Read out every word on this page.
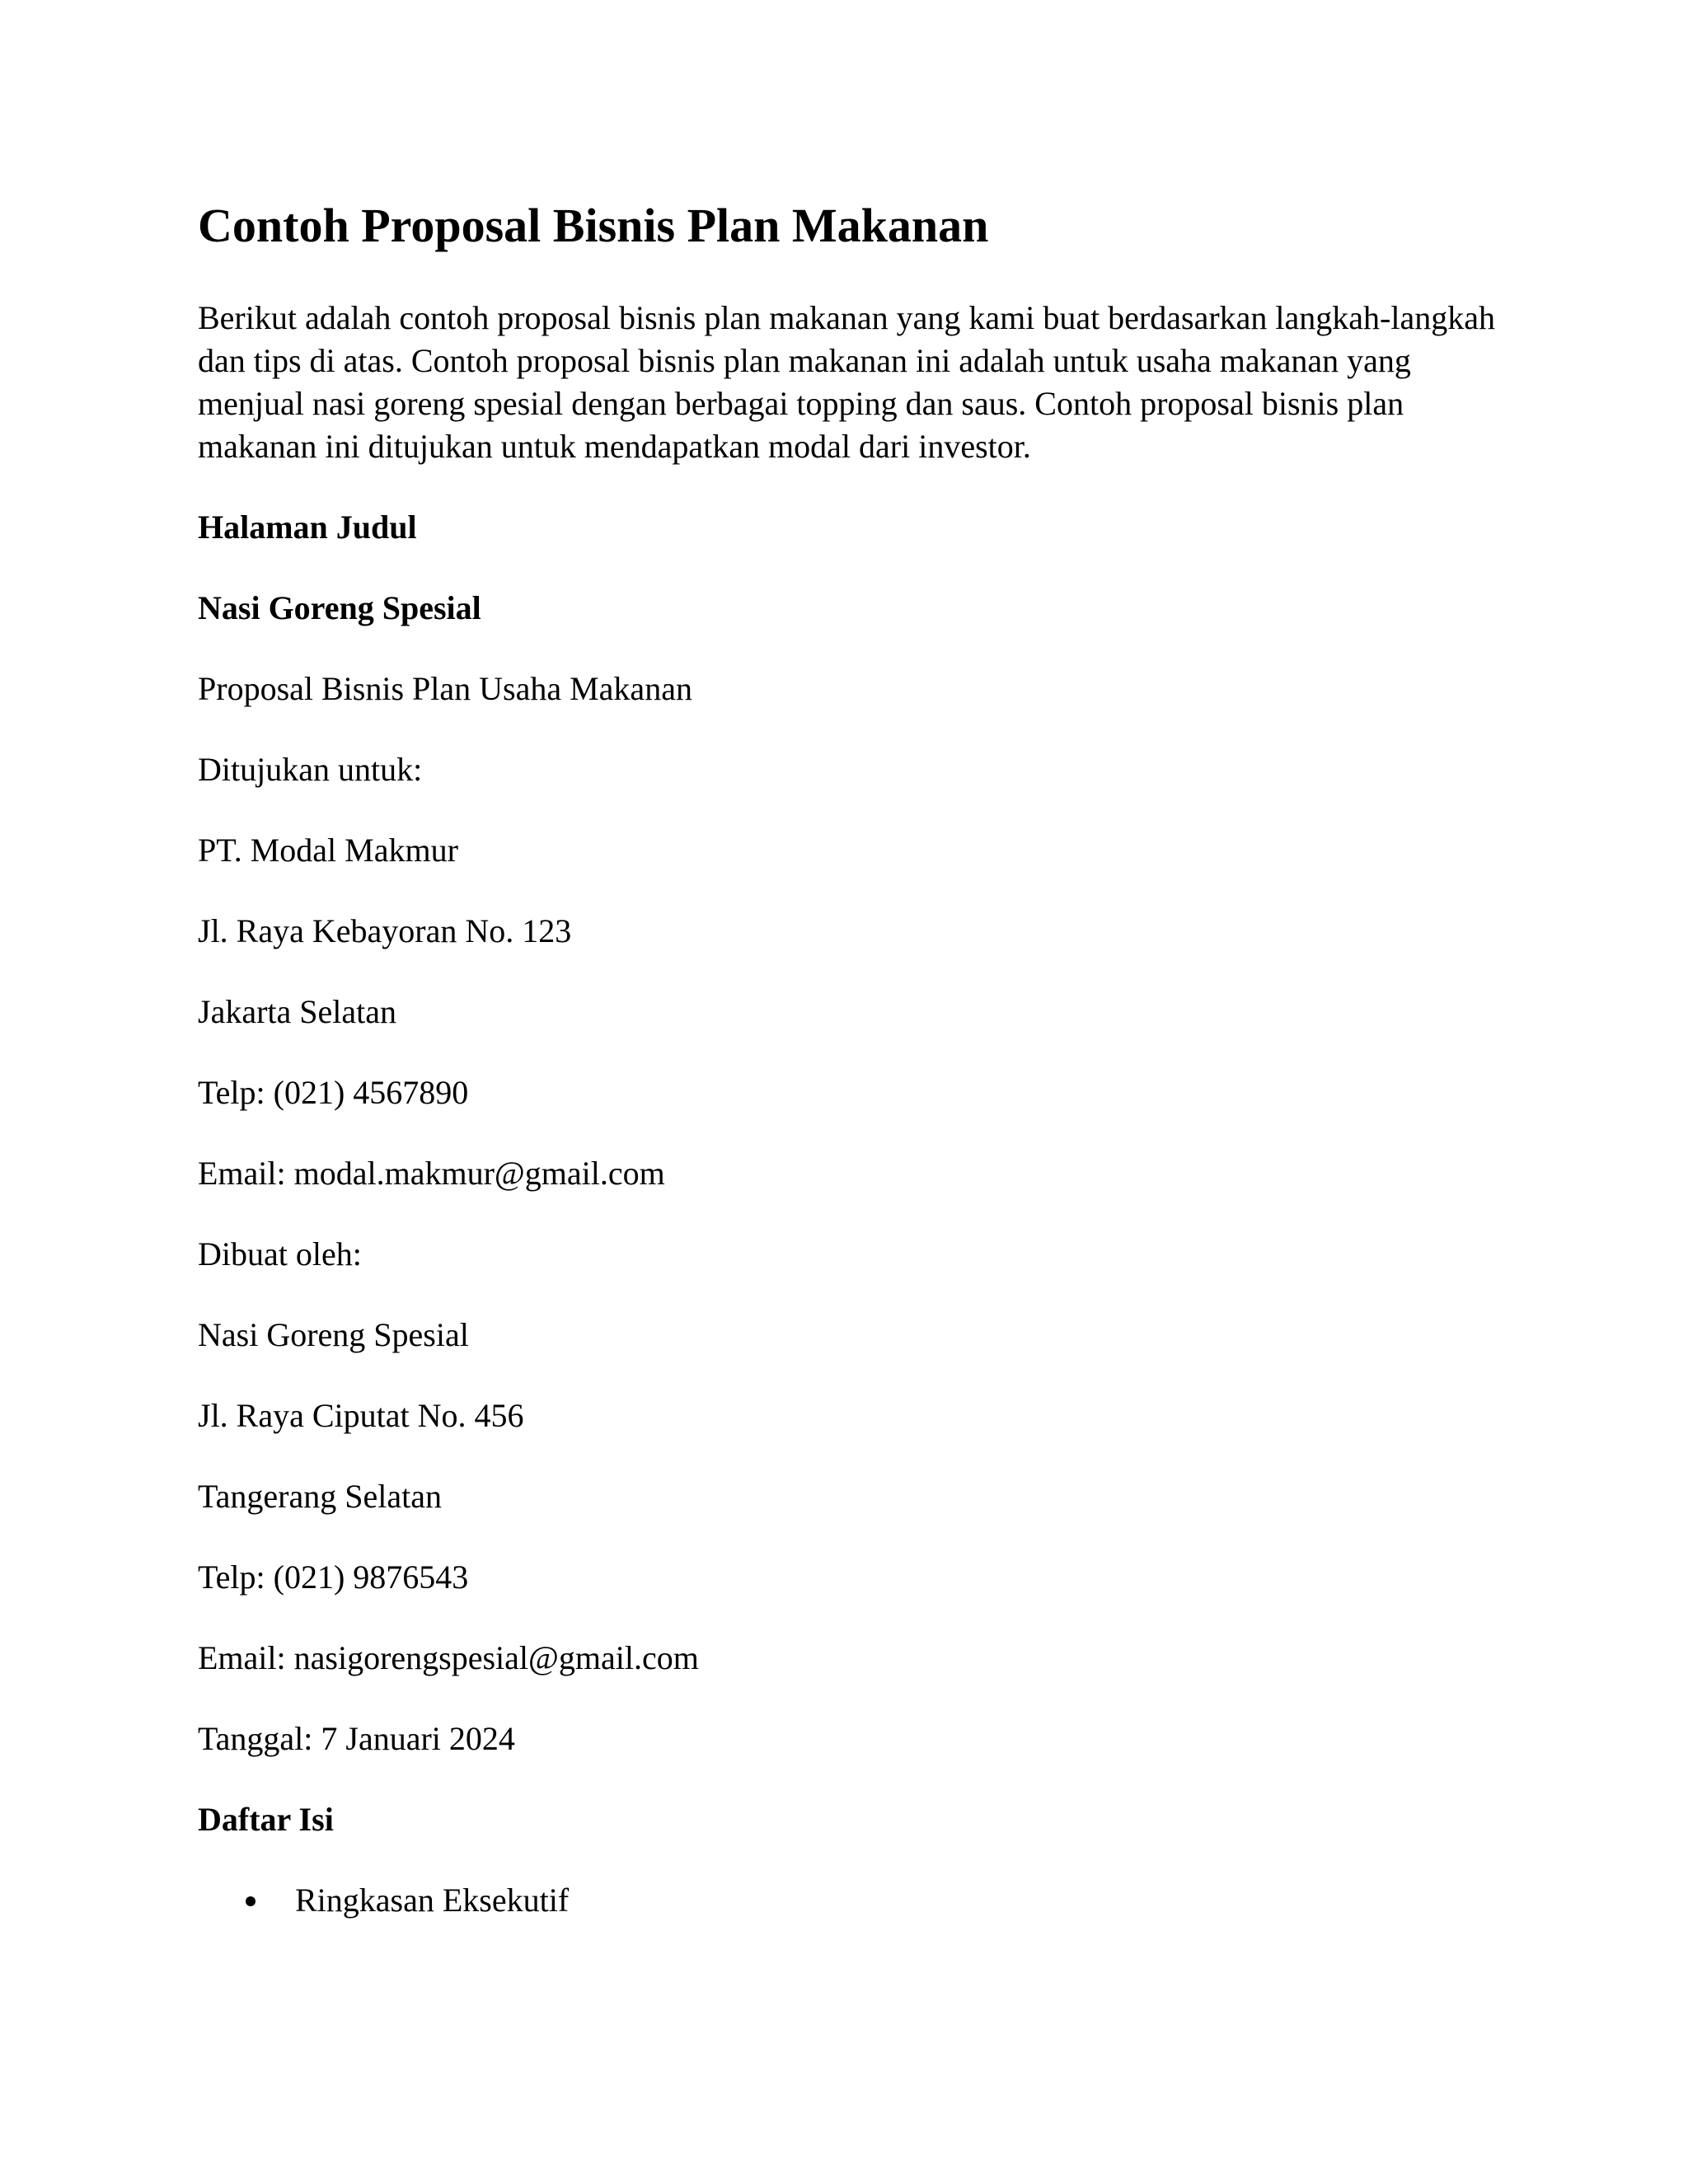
Contoh Proposal Bisnis Plan Makanan
Berikut adalah contoh proposal bisnis plan makanan yang kami buat berdasarkan langkah-langkah dan tips di atas. Contoh proposal bisnis plan makanan ini adalah untuk usaha makanan yang menjual nasi goreng spesial dengan berbagai topping dan saus. Contoh proposal bisnis plan makanan ini ditujukan untuk mendapatkan modal dari investor.
Halaman Judul
Nasi Goreng Spesial
Proposal Bisnis Plan Usaha Makanan
Ditujukan untuk:
PT. Modal Makmur
Jl. Raya Kebayoran No. 123
Jakarta Selatan
Telp: (021) 4567890
Email: modal.makmur@gmail.com
Dibuat oleh:
Nasi Goreng Spesial
Jl. Raya Ciputat No. 456
Tangerang Selatan
Telp: (021) 9876543
Email: nasigorengspesial@gmail.com
Tanggal: 7 Januari 2024
Daftar Isi
Ringkasan Eksekutif
